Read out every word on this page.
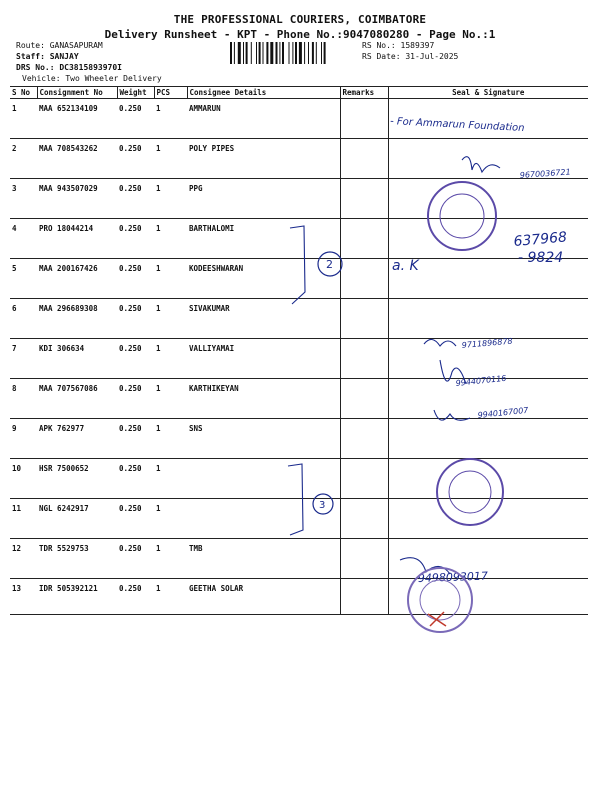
THE PROFESSIONAL COURIERS, COIMBATORE
Delivery Runsheet - KPT - Phone No.:9047080280 - Page No.:1
Route: GANASAPURAM
Staff: SANJAY
DRS No.: DC3815893970I
RS No.: 1589397
RS Date: 31-Jul-2025
Vehicle: Two Wheeler Delivery
S No	Consignment No	Weight	PCS	Consignee Details	Remarks	Seal & Signature
1	MAA 652134109	0.250	1	AMMARUN		
2	MAA 708543262	0.250	1	POLY PIPES		
3	MAA 943507029	0.250	1	PPG		
4	PRO 18044214	0.250	1	BARTHALOMI		
5	MAA 200167426	0.250	1	KODEESHWARAN		
6	MAA 296689308	0.250	1	SIVAKUMAR		
7	KDI 306634	0.250	1	VALLIYAMAI		
8	MAA 707567086	0.250	1	KARTHIKEYAN		
9	APK 762977	0.250	1	SNS		
10	HSR 7500652	0.250	1			
11	NGL 6242917	0.250	1			
12	TDR 5529753	0.250	1	TMB		
13	IDR 505392121	0.250	1	GEETHA SOLAR		
- For Ammarun Foundation
9670036721
637968
- 9824
a. K
9711896878
9944070116
9940167007
9498093017
2
3
